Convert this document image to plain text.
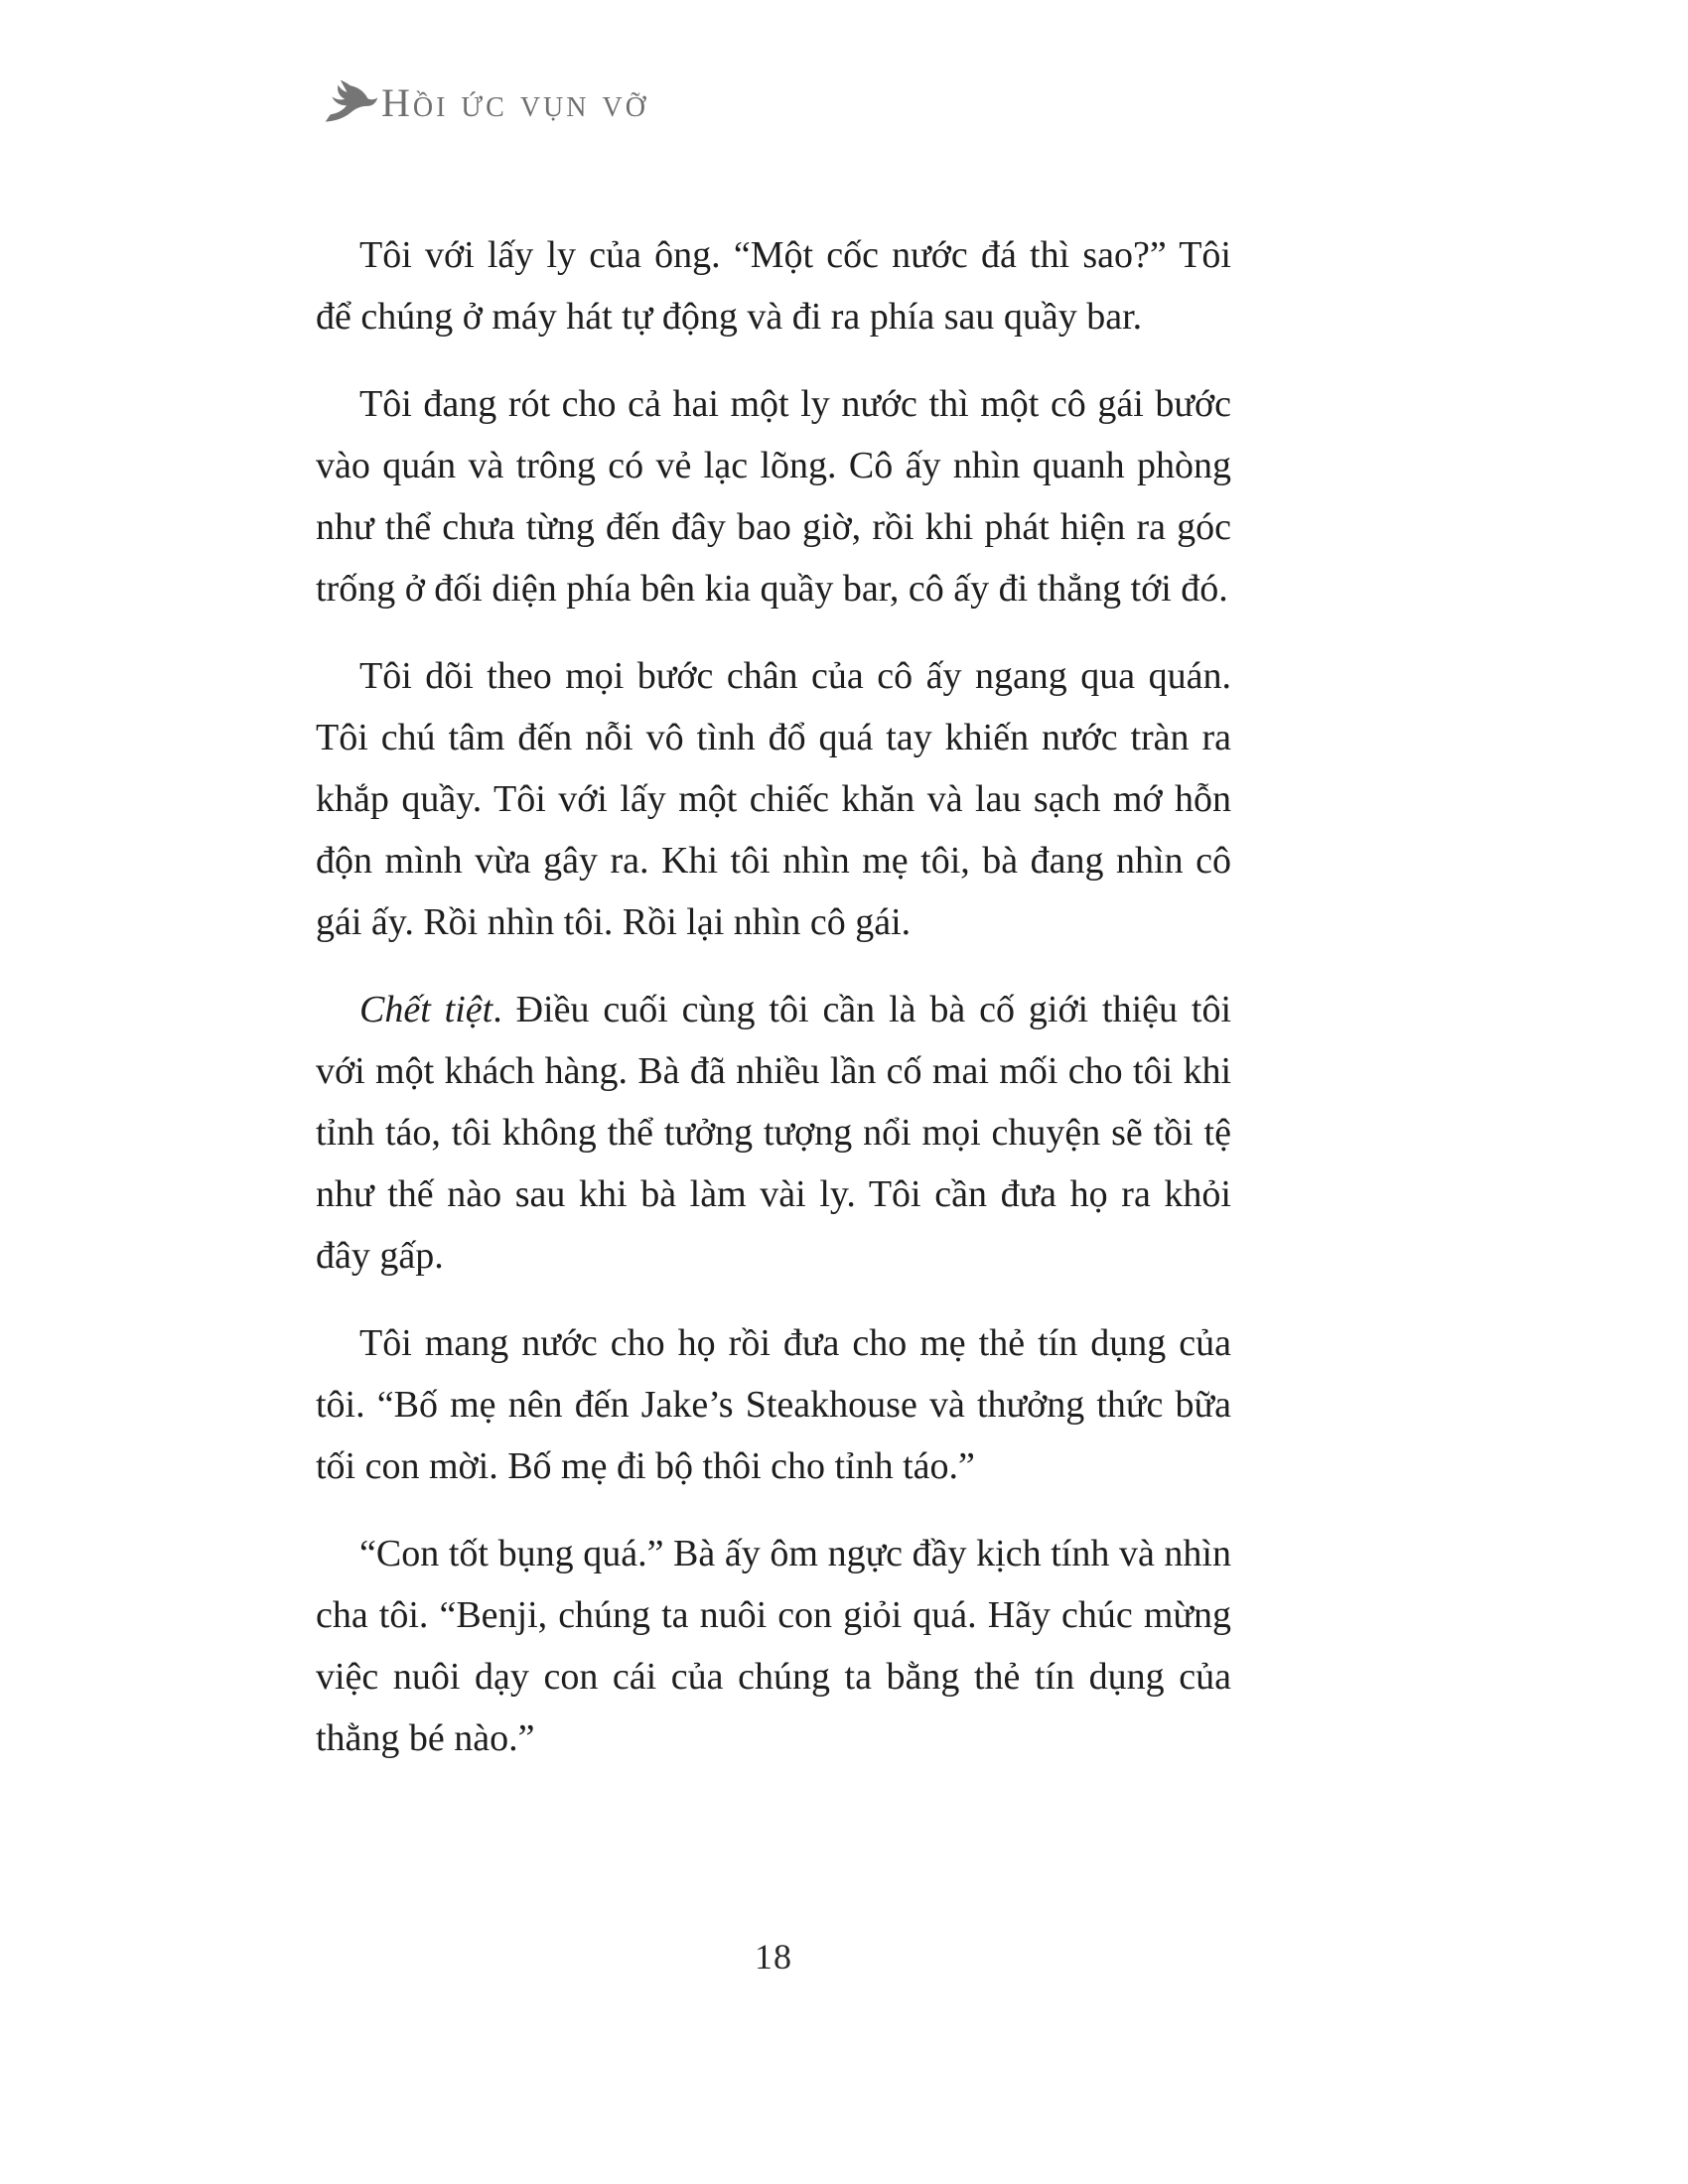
Hồi ức vụn vỡ

Tôi với lấy ly của ông. “Một cốc nước đá thì sao?” Tôi để chúng ở máy hát tự động và đi ra phía sau quầy bar.

Tôi đang rót cho cả hai một ly nước thì một cô gái bước vào quán và trông có vẻ lạc lõng. Cô ấy nhìn quanh phòng như thể chưa từng đến đây bao giờ, rồi khi phát hiện ra góc trống ở đối diện phía bên kia quầy bar, cô ấy đi thẳng tới đó.

Tôi dõi theo mọi bước chân của cô ấy ngang qua quán. Tôi chú tâm đến nỗi vô tình đổ quá tay khiến nước tràn ra khắp quầy. Tôi với lấy một chiếc khăn và lau sạch mớ hỗn độn mình vừa gây ra. Khi tôi nhìn mẹ tôi, bà đang nhìn cô gái ấy. Rồi nhìn tôi. Rồi lại nhìn cô gái.

Chết tiệt. Điều cuối cùng tôi cần là bà cố giới thiệu tôi với một khách hàng. Bà đã nhiều lần cố mai mối cho tôi khi tỉnh táo, tôi không thể tưởng tượng nổi mọi chuyện sẽ tồi tệ như thế nào sau khi bà làm vài ly. Tôi cần đưa họ ra khỏi đây gấp.

Tôi mang nước cho họ rồi đưa cho mẹ thẻ tín dụng của tôi. “Bố mẹ nên đến Jake’s Steakhouse và thưởng thức bữa tối con mời. Bố mẹ đi bộ thôi cho tỉnh táo.”

“Con tốt bụng quá.” Bà ấy ôm ngực đầy kịch tính và nhìn cha tôi. “Benji, chúng ta nuôi con giỏi quá. Hãy chúc mừng việc nuôi dạy con cái của chúng ta bằng thẻ tín dụng của thằng bé nào.”

18
